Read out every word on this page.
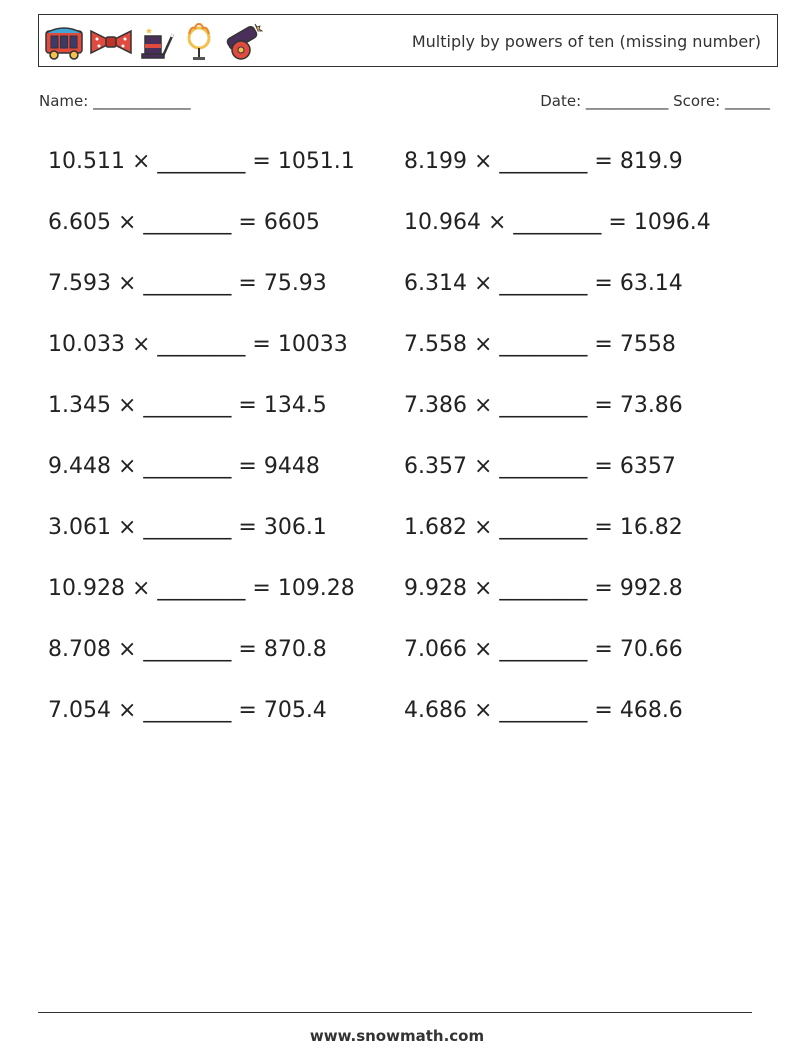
Multiply by powers of ten (missing number)
Name: _____________	Date: ___________ Score: ______
10.511 × ________ = 1051.1	8.199 × ________ = 819.9
6.605 × ________ = 6605	10.964 × ________ = 1096.4
7.593 × ________ = 75.93	6.314 × ________ = 63.14
10.033 × ________ = 10033	7.558 × ________ = 7558
1.345 × ________ = 134.5	7.386 × ________ = 73.86
9.448 × ________ = 9448	6.357 × ________ = 6357
3.061 × ________ = 306.1	1.682 × ________ = 16.82
10.928 × ________ = 109.28	9.928 × ________ = 992.8
8.708 × ________ = 870.8	7.066 × ________ = 70.66
7.054 × ________ = 705.4	4.686 × ________ = 468.6
www.snowmath.com
